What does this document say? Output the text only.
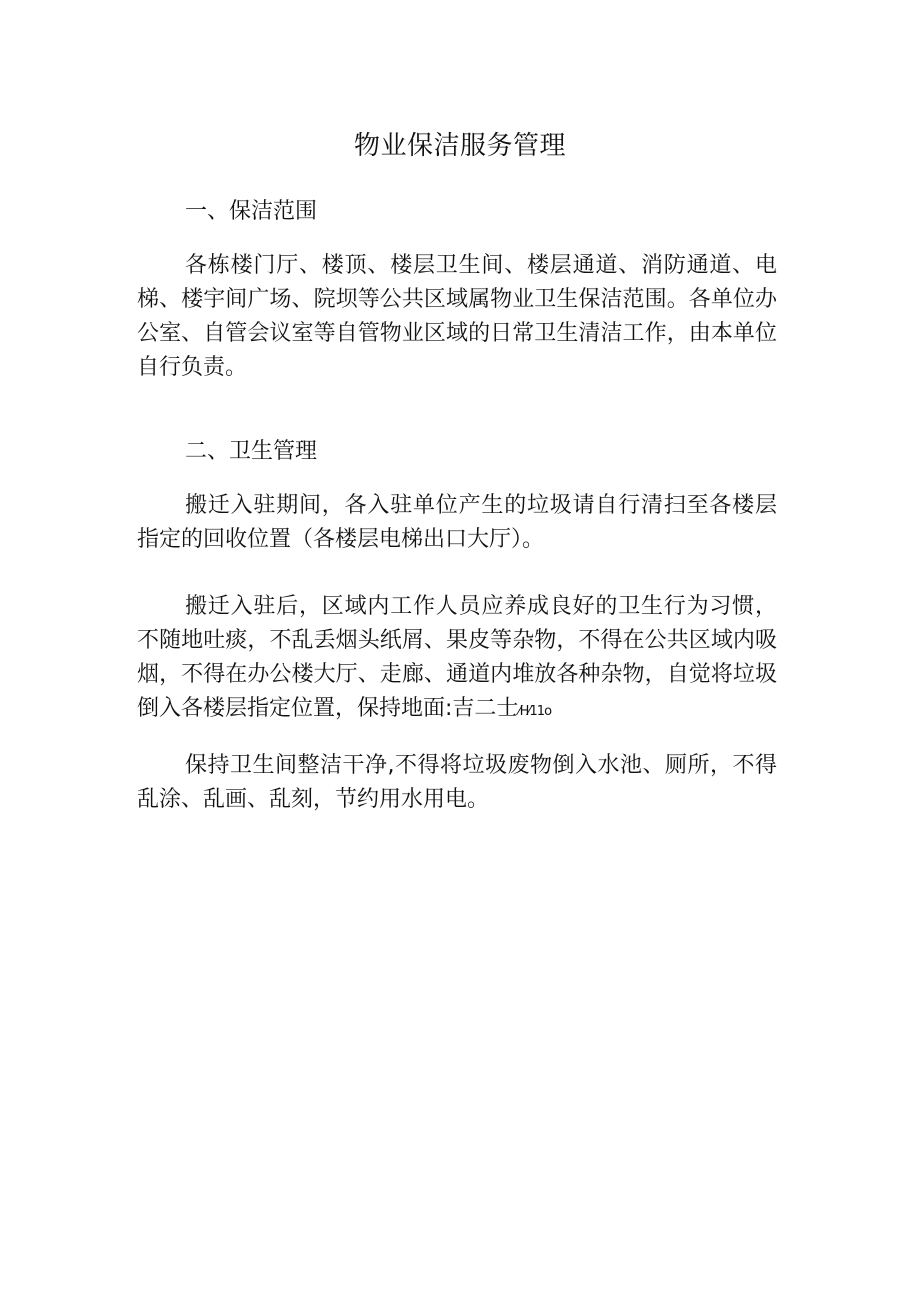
物业保洁服务管理
一、保洁范围

各栋楼门厅、楼顶、楼层卫生间、楼层通道、消防通道、电梯、楼宇间广场、院坝等公共区域属物业卫生保洁范围。各单位办公室、自管会议室等自管物业区域的日常卫生清洁工作，由本单位自行负责。

二、卫生管理

搬迁入驻期间，各入驻单位产生的垃圾请自行清扫至各楼层指定的回收位置（各楼层电梯出口大厅）。

搬迁入驻后，区域内工作人员应养成良好的卫生行为习惯，不随地吐痰，不乱丢烟头纸屑、果皮等杂物，不得在公共区域内吸烟，不得在办公楼大厅、走廊、通道内堆放各种杂物，自觉将垃圾倒入各楼层指定位置，保持地面:吉二士⁄H⁄11o

保持卫生间整洁干净,不得将垃圾废物倒入水池、厕所，不得乱涂、乱画、乱刻，节约用水用电。
